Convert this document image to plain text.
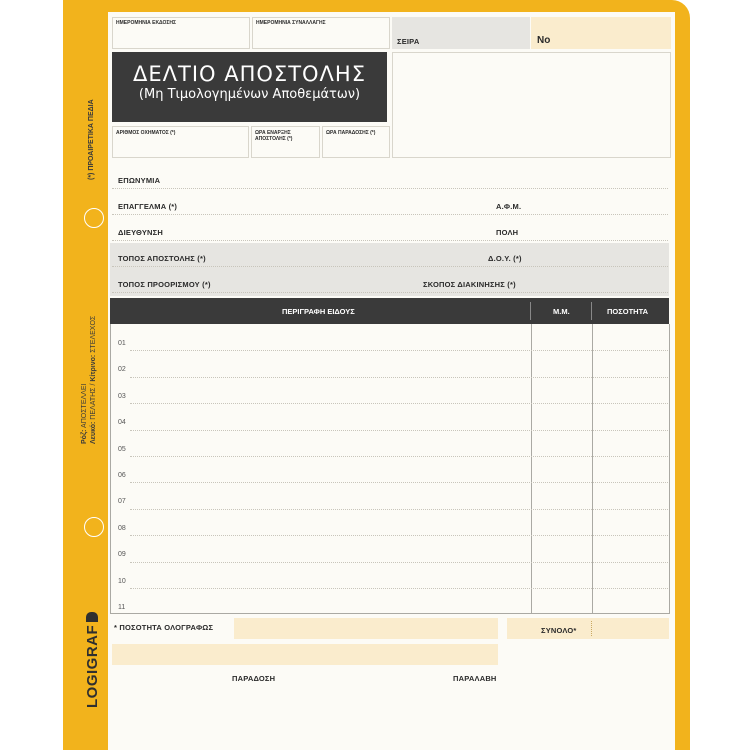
(*) ΠΡΟΑΙΡΕΤΙΚΑ ΠΕΔΙΑ
Ρόζ: ΑΠΟΣΤΕΛΛΕΙ
Λευκό: ΠΕΛΑΤΗΣ / Κίτρινο: ΣΤΕΛΕΧΟΣ
LOGIGRAF
ΗΜΕΡΟΜΗΝΙΑ ΕΚΔΟΣΗΣ	ΗΜΕΡΟΜΗΝΙΑ ΣΥΝΑΛΛΑΓΗΣ
ΣΕΙΡΑ	Νο
ΔΕΛΤΙΟ ΑΠΟΣΤΟΛΗΣ
(Μη Τιμολογημένων Αποθεμάτων)
ΑΡΙΘΜΟΣ ΟΧΗΜΑΤΟΣ (*)	ΩΡΑ ΕΝΑΡΞΗΣ ΑΠΟΣΤΟΛΗΣ (*)
ΩΡΑ ΠΑΡΑΔΟΣΗΣ (*)
ΕΠΩΝΥΜΙΑ
ΕΠΑΓΓΕΛΜΑ (*)	Α.Φ.Μ.
ΔΙΕΥΘΥΝΣΗ	ΠΟΛΗ
ΤΟΠΟΣ ΑΠΟΣΤΟΛΗΣ (*)	Δ.Ο.Υ. (*)
ΤΟΠΟΣ ΠΡΟΟΡΙΣΜΟΥ (*)	ΣΚΟΠΟΣ ΔΙΑΚΙΝΗΣΗΣ (*)
ΠΕΡΙΓΡΑΦΗ ΕΙΔΟΥΣ	Μ.Μ.	ΠΟΣΟΤΗΤΑ
01
02
03
04
05
06
07
08
09
10
11
* ΠΟΣΟΤΗΤΑ ΟΛΟΓΡΑΦΩΣ	ΣΥΝΟΛΟ*
ΠΑΡΑΔΟΣΗ	ΠΑΡΑΛΑΒΗ
